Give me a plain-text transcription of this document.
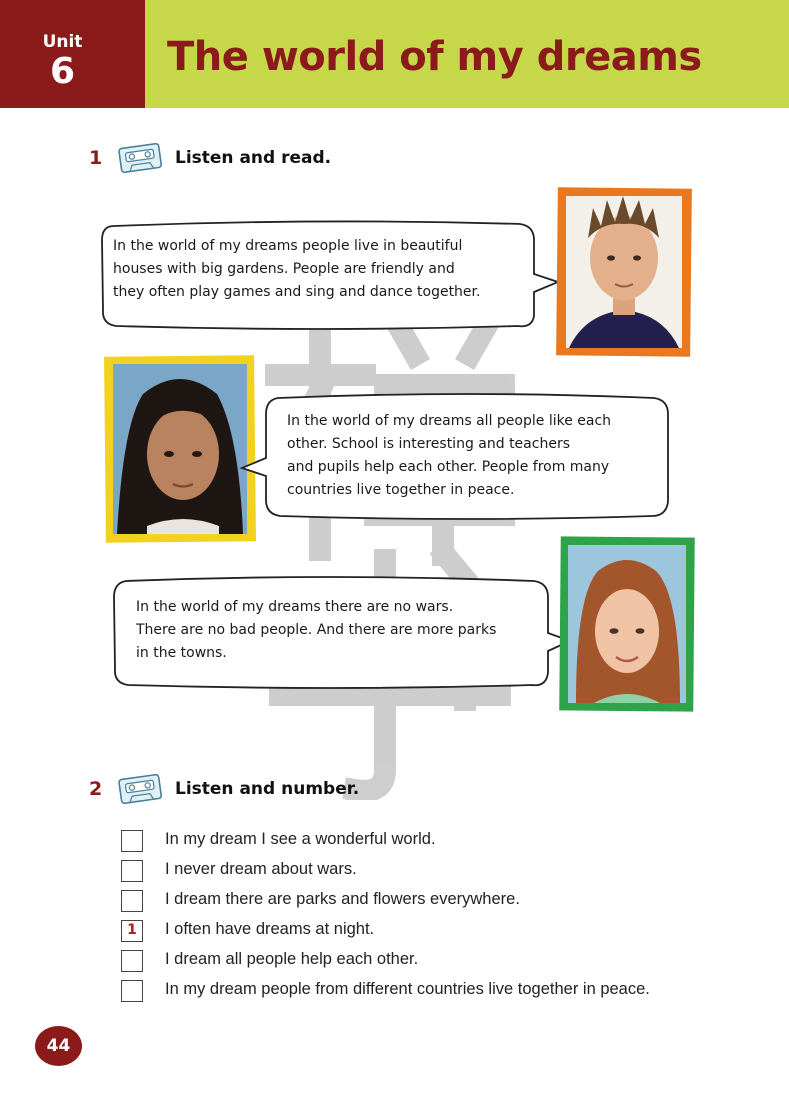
Unit
6	The world of my dreams
1	Listen and read.
In the world of my dreams people live in beautiful
houses with big gardens. People are friendly and
they often play games and sing and dance together.
In the world of my dreams all people like each
other. School is interesting and teachers
and pupils help each other. People from many
countries live together in peace.
In the world of my dreams there are no wars.
There are no bad people. And there are more parks
in the towns.
2	Listen and number.
In my dream I see a wonderful world.
I never dream about wars.
I dream there are parks and flowers everywhere.
1	I often have dreams at night.
I dream all people help each other.
In my dream people from different countries live together in peace.
44
